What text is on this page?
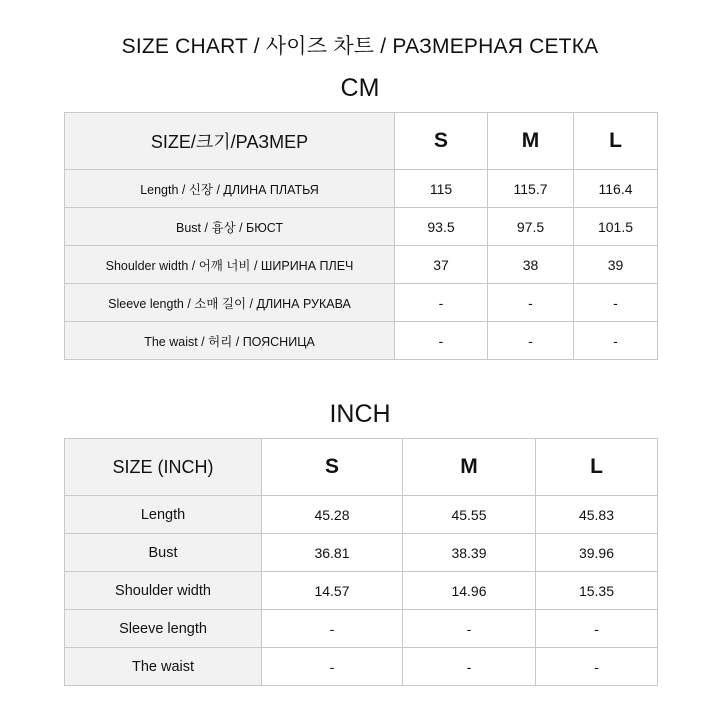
SIZE CHART / 사이즈 차트 / РАЗМЕРНАЯ СЕТКА
CM
SIZE/크기/РАЗМЕР	S	M	L
Length / 신장 / ДЛИНА ПЛАТЬЯ	115	115.7	116.4
Bust / 흉상 / БЮСТ	93.5	97.5	101.5
Shoulder width / 어깨 너비 / ШИРИНА ПЛЕЧ	37	38	39
Sleeve length / 소매 길이 / ДЛИНА РУКАВА	-	-	-
The waist / 허리 / ПОЯСНИЦА	-	-	-
INCH
SIZE (INCH)	S	M	L
Length	45.28	45.55	45.83
Bust	36.81	38.39	39.96
Shoulder width	14.57	14.96	15.35
Sleeve length	-	-	-
The waist	-	-	-
